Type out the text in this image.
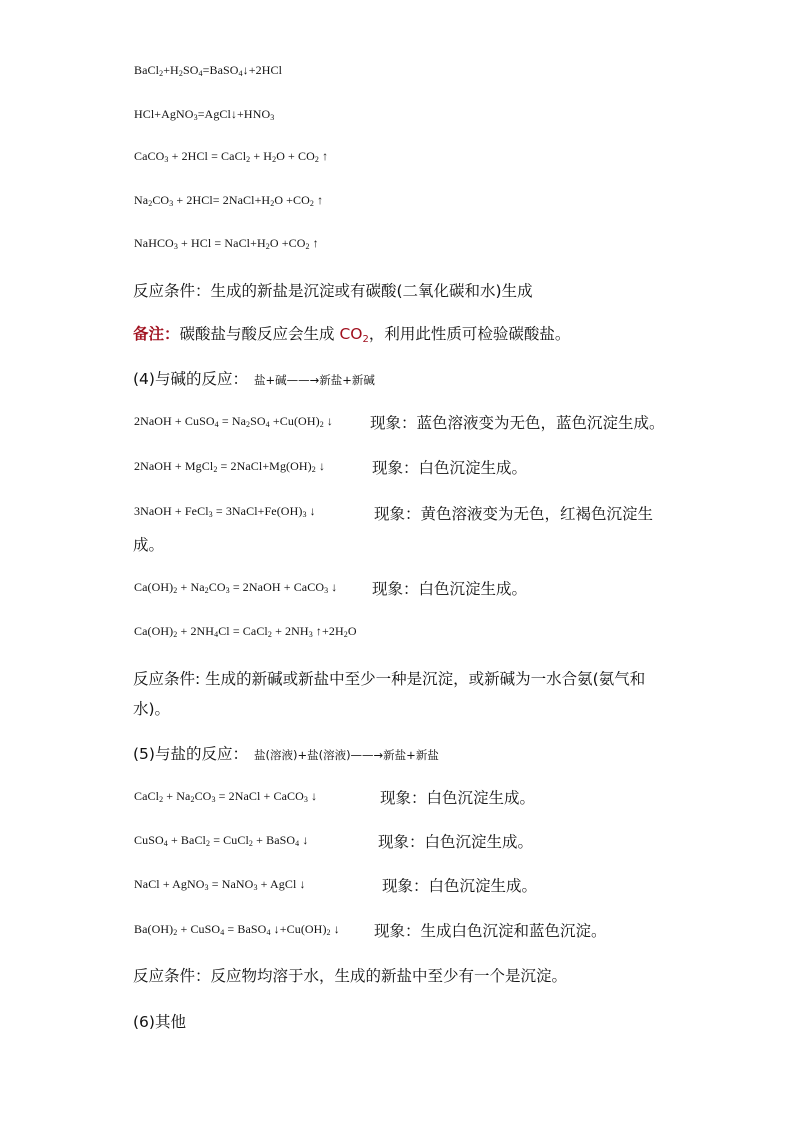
$BaCl_2+H_2SO_4=BaSO_4↓+2HCl$
$HCl+AgNO_3=AgCl↓+HNO_3$
CaCO$_3$ + 2HCl = CaCl$_2$ + $H_2O + CO_2$ ↑
$Na_2CO_3 + 2HCl=$ $2NaCl+H_2O +CO_2$ ↑
NaHCO$_3$ + HCl = $NaCl+H_2O +CO_2$ ↑
反应条件：生成的新盐是沉淀或有碳酸(二氧化碳和水)生成
备注：碳酸盐与酸反应会生成 $CO_2$，利用此性质可检验碳酸盐。
(4)与碱的反应： 盐+碱——→新盐+新碱
2NaOH + CuSO$_4$ = $Na_2SO_4 +Cu(OH)_2$ ↓ 现象：蓝色溶液变为无色，蓝色沉淀生成。
2NaOH + MgCl$_2$ = $2NaCl+Mg(OH)_2$ ↓	现象：白色沉淀生成。
3NaOH + FeCl$_3$ = $3NaCl+Fe(OH)_3$ ↓	现象：黄色溶液变为无色，红褐色沉淀生
成。
$Ca(OH)_2 + Na_2CO_3$ = 2NaOH + CaCO$_3$ ↓ 现象：白色沉淀生成。
$Ca(OH)_2 + 2NH_4Cl$ = CaCl$_2$ + $2NH_3$ $↑+2H_2O$
反应条件: 生成的新碱或新盐中至少一种是沉淀，或新碱为一水合氨(氨气和
水)。
(5)与盐的反应： 盐(溶液)+盐(溶液)——→新盐+新盐
CaCl$_2$ + $Na_2CO_3$ = 2NaCl + CaCO$_3$ ↓	现象：白色沉淀生成。
CuSO$_4$ + BaCl$_2$ = CuCl$_2$ + BaSO$_4$ ↓	现象：白色沉淀生成。
NaCl + AgNO$_3$ = NaNO$_3$ + AgCl ↓	现象：白色沉淀生成。
$Ba(OH)_2$ + CuSO$_4$ = BaSO$_4$ $↓+Cu(OH)_2$ ↓ 现象：生成白色沉淀和蓝色沉淀。
反应条件：反应物均溶于水，生成的新盐中至少有一个是沉淀。
(6)其他
